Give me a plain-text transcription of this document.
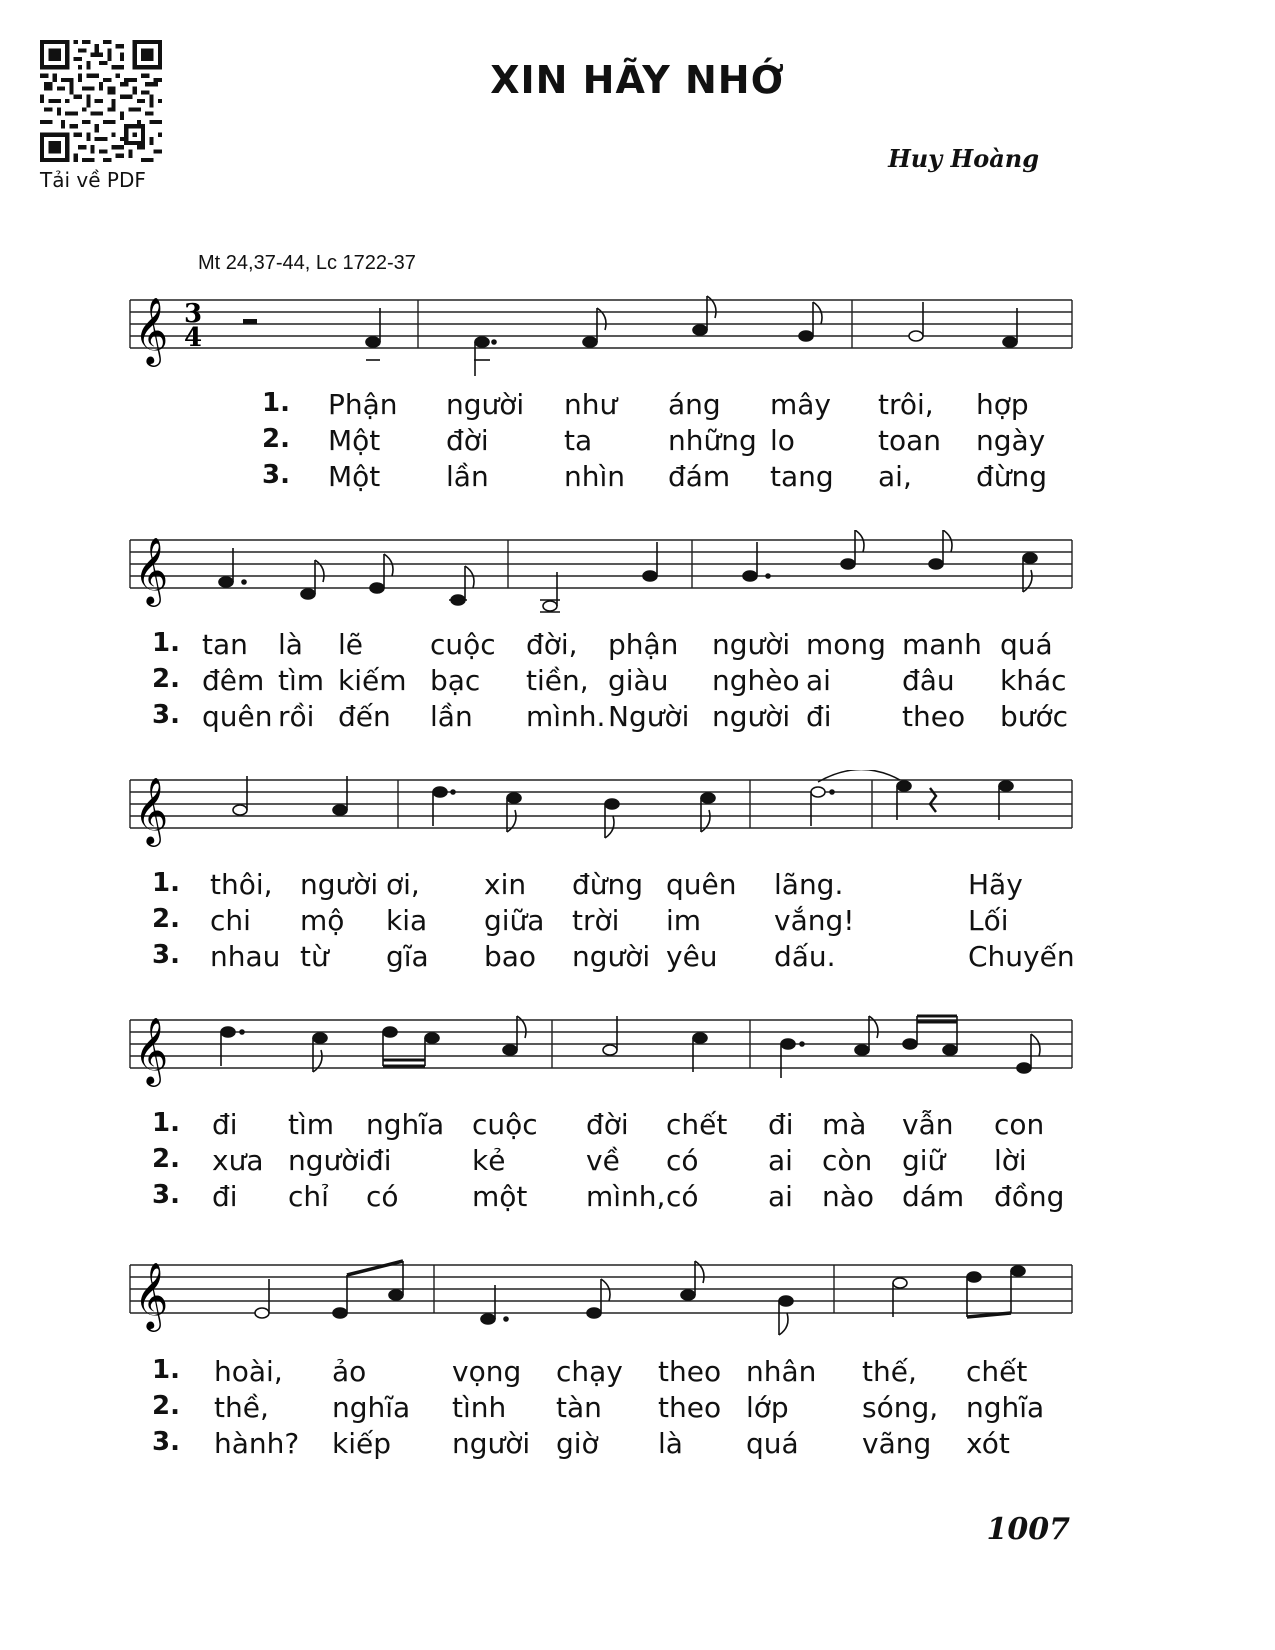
Tải về PDF
XIN HÃY NHỚ
Huy Hoàng
Mt 24,37-44, Lc 1722-37
𝄞 3
4
1. Phận người như áng mây trôi, hợp
2. Một đời	ta	những lo	toan ngày
3. Một lần	nhìn đám tang ai, đừng
𝄞
1. tan là lẽ cuộc đời, phận người mong manh quá
2. đêm tìm kiếm bạc tiền, giàu nghèo ai	đâu khác
3. quên rồi đến lần mình. Người người đi	theo bước
𝄞
1. thôi, người ơi, xin đừng quên lãng.	Hãy
2. chi mộ kia giữa trời im	vắng!	Lối
3. nhau từ gĩa bao người yêu dấu.	Chuyến
𝄞
1. đi tìm nghĩa cuộc đời chết đi mà vẫn con
2. xưa người đi	kẻ	về có ai còn giữ lời
3. đi chỉ có	một mình, có ai nào dám đồng
𝄞
1. hoài, ảo	vọng chạy theo nhân thế, chết
2. thề, nghĩa tình tàn theo lớp	sóng, nghĩa
3. hành? kiếp người giờ là quá vãng xót
1007
